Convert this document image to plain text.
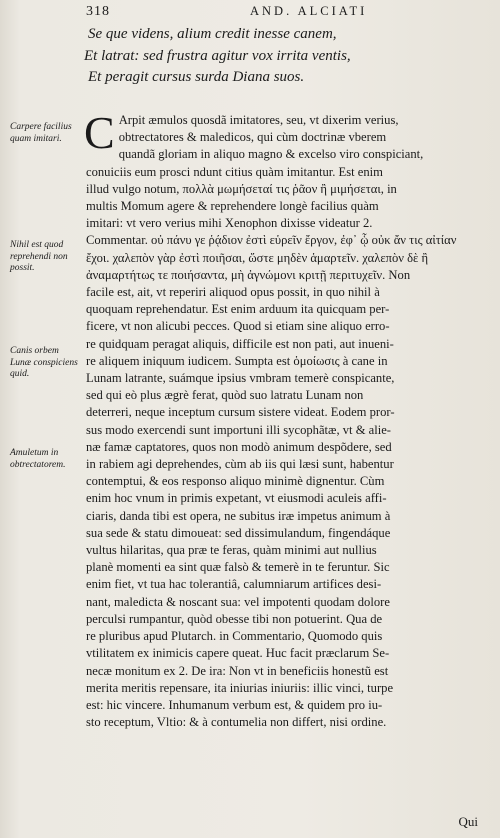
318	AND. ALCIATI
Se que videns, alium credit inesse canem,
Et latrat: sed frustra agitur vox irrita ventis,
Et peragit cursus surda Diana suos.
Carpere facilius quam imitari.
Nihil est quod reprehendi non possit.
Canis orbem Lunæ conspiciens quid.
Amuletum in obtrectatorem.
C Arpit æmulos quosdã imitatores, seu, vt dixerim verius,
obtrectatores & maledicos, qui cùm doctrinæ vberem
quandã gloriam in aliquo magno & excelso viro conspiciant,
conuiciis eum prosci ndunt citius quàm imitantur. Est enim
illud vulgo notum, πολλὰ μωμήσεταί τις ῥᾶον ἢ μιμήσεται, in
multis Momum agere & reprehendere longè facilius quàm
imitari: vt vero verius mihi Xenophon dixisse videatur 2.
Commentar. οὐ πάνυ γε ῥᾴδιον ἐστὶ εὑρεῖν ἔργον, ἐφ᾽ ᾧ οὐκ ἄν τις αἰτίαν
ἔχοι. χαλεπὸν γὰρ ἐστὶ ποιῆσαι, ὥστε μηδὲν ἁμαρτεῖν. χαλεπὸν δὲ ἢ
ἀναμαρτήτως τε ποιήσαντα, μὴ ἀγνώμονι κριτῇ περιτυχεῖν. Non
facile est, ait, vt reperiri aliquod opus possit, in quo nihil à
quoquam reprehendatur. Est enim arduum ita quicquam per-
ficere, vt non alicubi pecces. Quod si etiam sine aliquo erro-
re quidquam peragat aliquis, difficile est non pati, aut inueni-
re aliquem iniquum iudicem. Sumpta est ὁμοίωσις à cane in
Lunam latrante, suámque ipsius vmbram temerè conspicante,
sed qui eò plus ægrè ferat, quòd suo latratu Lunam non
deterreri, neque inceptum cursum sistere videat. Eodem pror-
sus modo exercendi sunt importuni illi sycophãtæ, vt & alie-
næ famæ captatores, quos non modò animum despõdere, sed
in rabiem agi deprehendes, cùm ab iis qui læsi sunt, habentur
contemptui, & eos responso aliquo minimè dignentur. Cùm
enim hoc vnum in primis expetant, vt eiusmodi aculeis affi-
ciaris, danda tibi est opera, ne subitus iræ impetus animum à
sua sede & statu dimoueat: sed dissimulandum, fingendáque
vultus hilaritas, qua præ te feras, quàm minimi aut nullius
planè momenti ea sint quæ falsò & temerè in te feruntur. Sic
enim fiet, vt tua hac tolerantiâ, calumniarum artifices desi-
nant, maledicta & noscant sua: vel impotenti quodam dolore
perculsi rumpantur, quòd obesse tibi non potuerint. Qua de
re pluribus apud Plutarch. in Commentario, Quomodo quis
vtilitatem ex inimicis capere queat. Huc facit præclarum Se-
necæ monitum ex 2. De ira: Non vt in beneficiis honestũ est
merita meritis repensare, ita iniurias iniuriis: illic vinci, turpe
est: hic vincere. Inhumanum verbum est, & quidem pro iu-
sto receptum, Vltio: & à contumelia non differt, nisi ordine.
Qui
